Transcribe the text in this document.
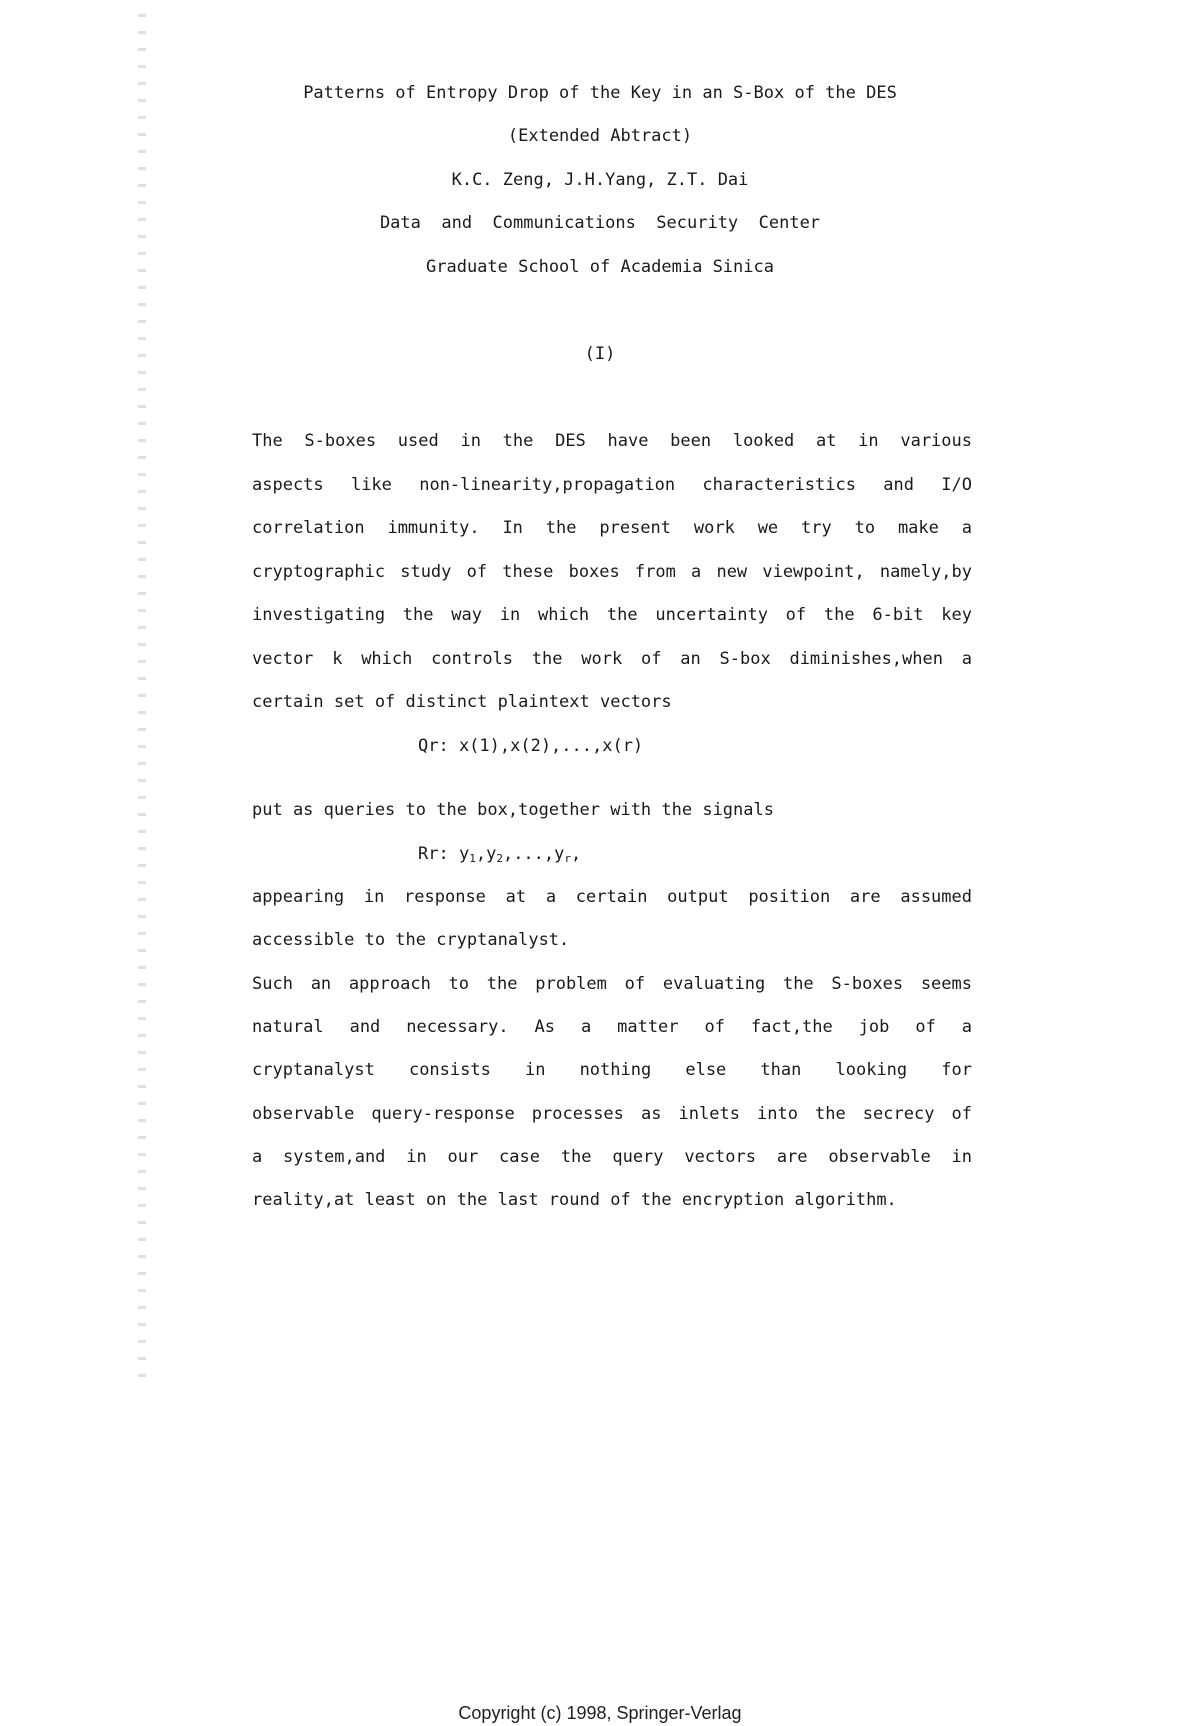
Patterns of Entropy Drop of the Key in an S-Box of the DES
(Extended Abtract)
K.C. Zeng, J.H.Yang, Z.T. Dai
Data  and  Communications  Security  Center
Graduate School of Academia Sinica
(I)
The S-boxes used in the DES have been looked at in various
aspects like non-linearity,propagation characteristics and I/O
correlation immunity. In the present work we try to make a
cryptographic study of these boxes from a new viewpoint, namely,by
investigating the way in which the uncertainty of the 6-bit key
vector k which controls the work of an S-box diminishes,when a
certain set of distinct plaintext vectors
Qr: x(1),x(2),...,x(r)
put as queries to the box,together with the signals
Rr: $y_1,y_2,...,y_r$,
appearing in response at a certain output position are assumed
accessible to the cryptanalyst.
Such an approach to the problem of evaluating the S-boxes seems
natural and necessary. As a matter of fact,the job of a
cryptanalyst consists in nothing else than looking for
observable query-response processes as inlets into the secrecy of
a system,and in our case the query vectors are observable in
reality,at least on the last round of the encryption algorithm.
Copyright (c) 1998, Springer-Verlag
